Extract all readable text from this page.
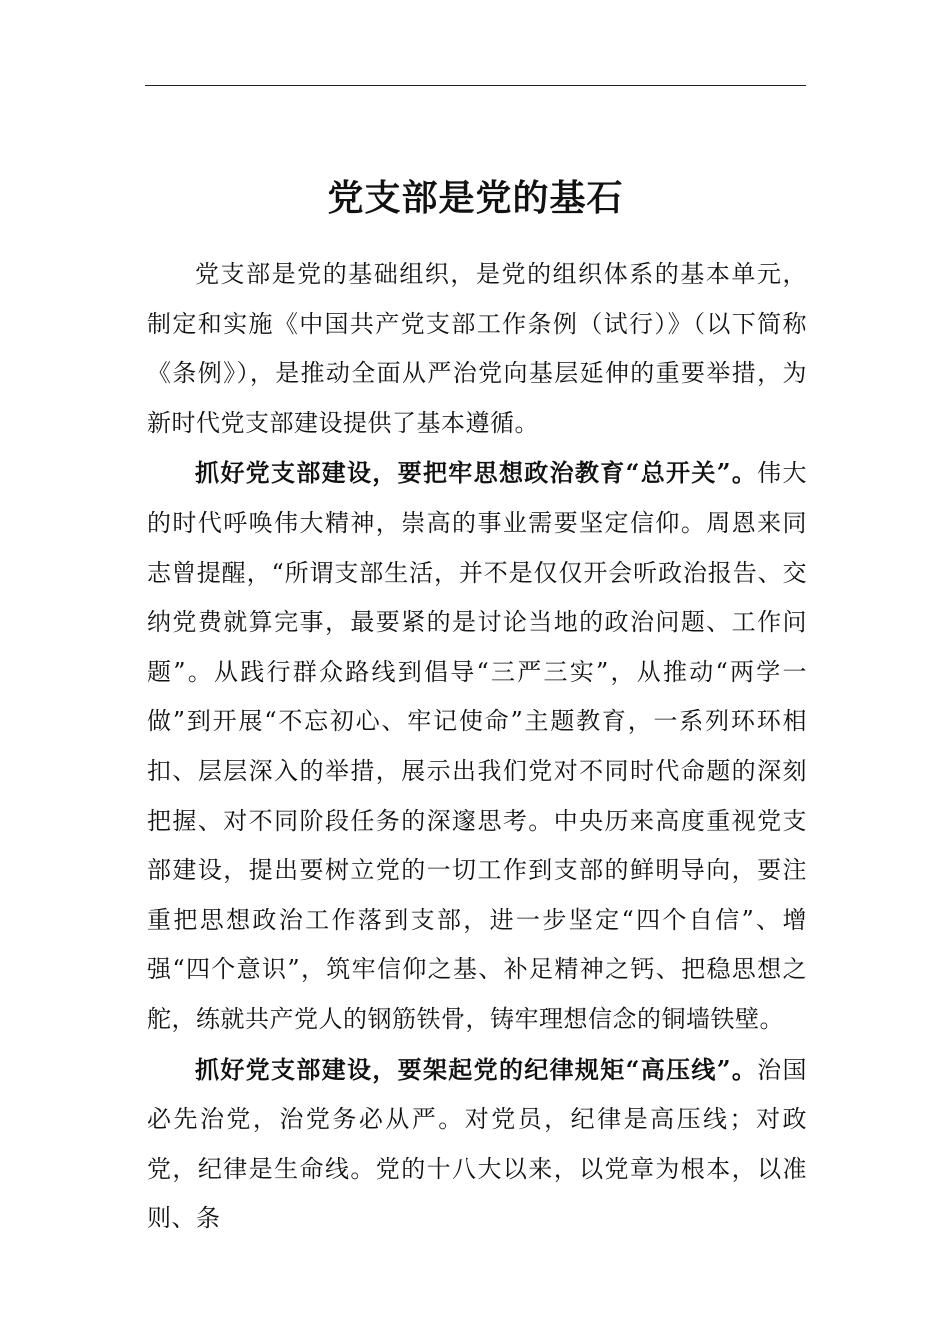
党支部是党的基石

党支部是党的基础组织，是党的组织体系的基本单元，制定和实施《中国共产党支部工作条例（试行）》（以下简称《条例》），是推动全面从严治党向基层延伸的重要举措，为新时代党支部建设提供了基本遵循。

抓好党支部建设，要把牢思想政治教育“总开关”。伟大的时代呼唤伟大精神，崇高的事业需要坚定信仰。周恩来同志曾提醒，“所谓支部生活，并不是仅仅开会听政治报告、交纳党费就算完事，最要紧的是讨论当地的政治问题、工作问题”。从践行群众路线到倡导“三严三实”，从推动“两学一做”到开展“不忘初心、牢记使命”主题教育，一系列环环相扣、层层深入的举措，展示出我们党对不同时代命题的深刻把握、对不同阶段任务的深邃思考。中央历来高度重视党支部建设，提出要树立党的一切工作到支部的鲜明导向，要注重把思想政治工作落到支部，进一步坚定“四个自信”、增强“四个意识”，筑牢信仰之基、补足精神之钙、把稳思想之舵，练就共产党人的钢筋铁骨，铸牢理想信念的铜墙铁壁。

抓好党支部建设，要架起党的纪律规矩“高压线”。治国必先治党，治党务必从严。对党员，纪律是高压线；对政党，纪律是生命线。党的十八大以来，以党章为根本，以准则、条
